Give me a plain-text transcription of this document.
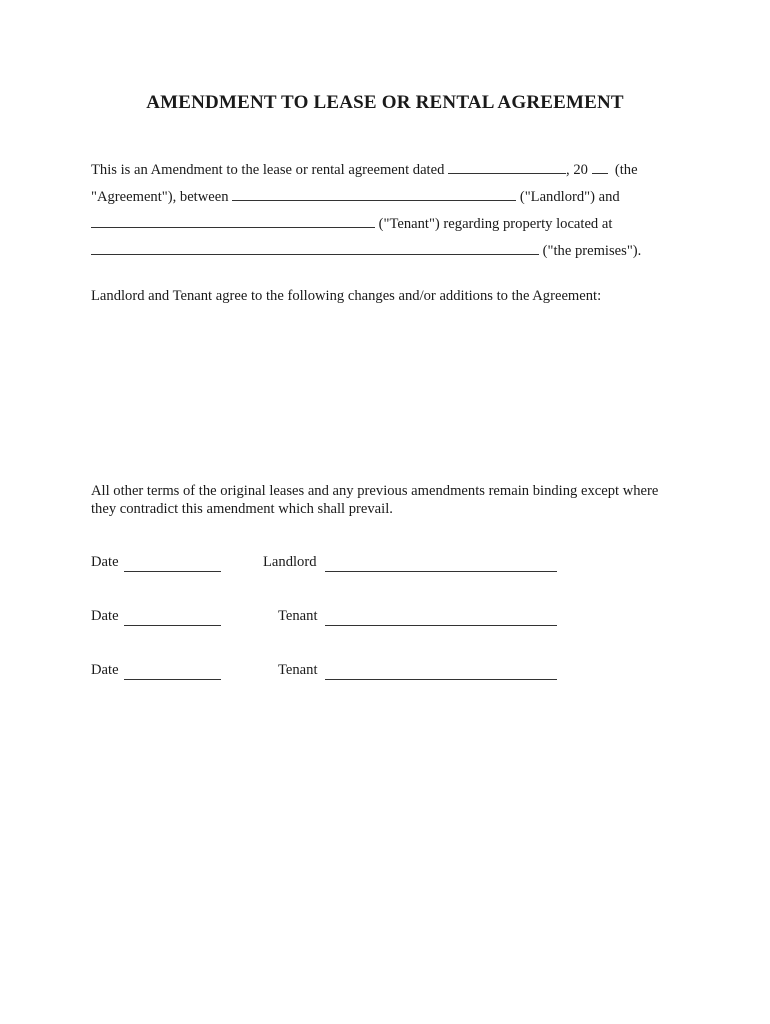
AMENDMENT TO LEASE OR RENTAL AGREEMENT
This is an Amendment to the lease or rental agreement dated	, 20 (the
"Agreement"), between	("Landlord") and
("Tenant") regarding property located at
("the premises").
Landlord and Tenant agree to the following changes and/or additions to the Agreement:
All other terms of the original leases and any previous amendments remain binding except where
they contradict this amendment which shall prevail.
Date	Landlord
Date	Tenant
Date	Tenant
